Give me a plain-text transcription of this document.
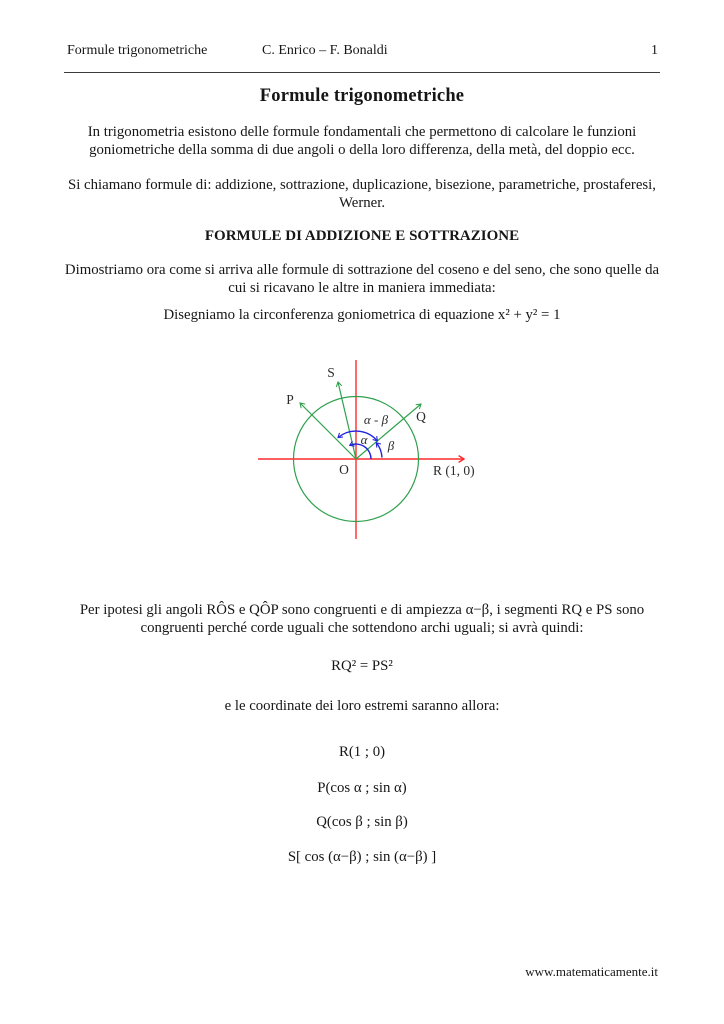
Formule trigonometriche	C. Enrico – F. Bonaldi	1
Formule trigonometriche
In trigonometria esistono delle formule fondamentali che permettono di calcolare le funzioni
goniometriche della somma di due angoli o della loro differenza, della metà, del doppio ecc.
Si chiamano formule di: addizione, sottrazione, duplicazione, bisezione, parametriche, prostaferesi,
Werner.
FORMULE DI ADDIZIONE E SOTTRAZIONE
Dimostriamo ora come si arriva alle formule di sottrazione del coseno e del seno, che sono quelle da
cui si ricavano le altre in maniera immediata:
Disegniamo la circonferenza goniometrica di equazione x² + y² = 1
S
P
Q
O	R (1, 0)
α - β
α β
Per ipotesi gli angoli RÔS e QÔP sono congruenti e di ampiezza α−β, i segmenti RQ e PS sono
congruenti perché corde uguali che sottendono archi uguali; si avrà quindi:
RQ² = PS²
e le coordinate dei loro estremi saranno allora:
R(1 ; 0)
P(cos α ; sin α)
Q(cos β ; sin β)
S[ cos (α−β) ; sin (α−β) ]
www.matematicamente.it
